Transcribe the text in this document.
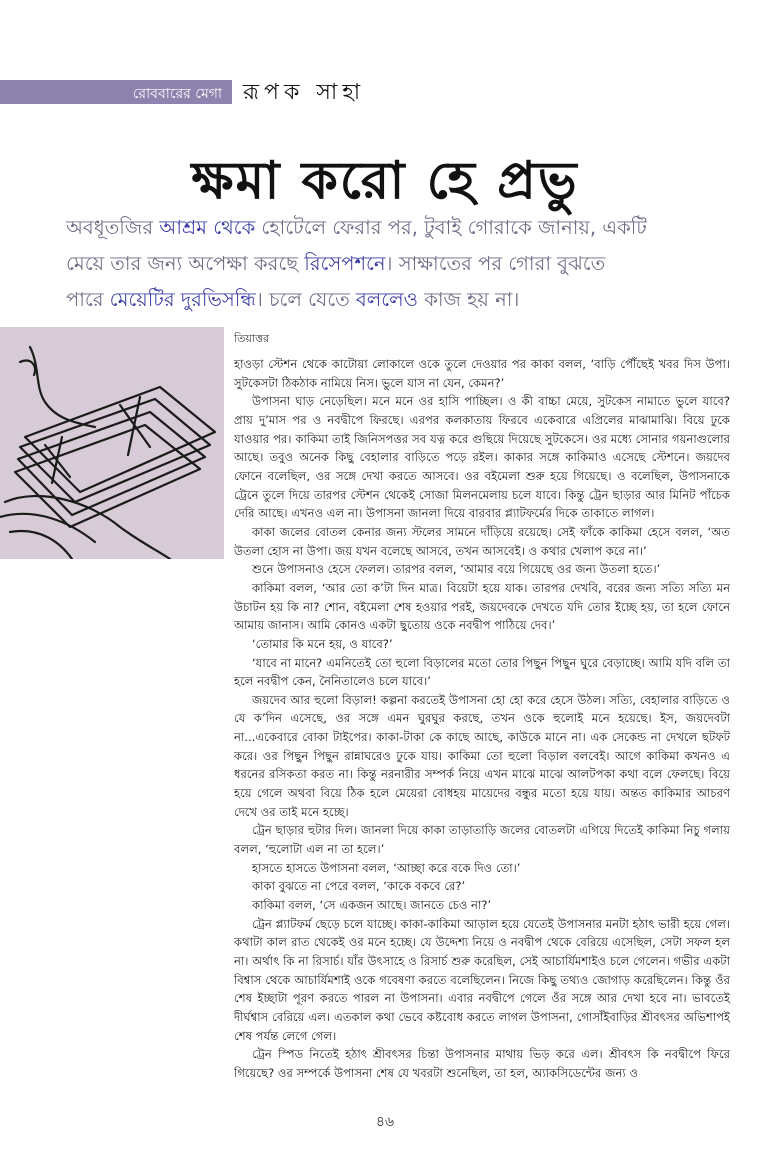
রোববারের মেগা রূপক সাহা
ক্ষমা করো হে প্রভু
অবধূতজির আশ্রম থেকে হোটেলে ফেরার পর, টুবাই গোরাকে জানায়, একটি
মেয়ে তার জন্য অপেক্ষা করছে রিসেপশনে। সাক্ষাতের পর গোরা বুঝতে
পারে মেয়েটির দুরভিসন্ধি। চলে যেতে বললেও কাজ হয় না।
তিয়াত্তর

হাওড়া স্টেশন থেকে কাটোয়া লোকালে ওকে তুলে দেওয়ার পর কাকা বলল, ‘বাড়ি পৌঁছেই খবর দিস উপা। সুটকেসটা ঠিকঠাক নামিয়ে নিস। ভুলে যাস না যেন, কেমন?’

উপাসনা ঘাড় নেড়েছিল। মনে মনে ওর হাসি পাচ্ছিল। ও কী বাচ্চা মেয়ে, সুটকেস নামাতে ভুলে যাবে? প্রায় দু’মাস পর ও নবদ্বীপে ফিরছে। এরপর কলকাতায় ফিরবে একেবারে এপ্রিলের মাঝামাঝি। বিয়ে ঢুকে যাওয়ার পর। কাকিমা তাই জিনিসপত্তর সব যত্ন করে গুছিয়ে দিয়েছে সুটকেসে। ওর মধ্যে সোনার গয়নাগুলোর আছে। তবুও অনেক কিছু বেহালার বাড়িতে পড়ে রইল। কাকার সঙ্গে কাকিমাও এসেছে স্টেশনে। জয়দেব ফোনে বলেছিল, ওর সঙ্গে দেখা করতে আসবে। ওর বইমেলা শুরু হয়ে গিয়েছে। ও বলেছিল, উপাসনাকে ট্রেনে তুলে দিয়ে তারপর স্টেশন থেকেই সোজা মিলনমেলায় চলে যাবে। কিন্তু ট্রেন ছাড়ার আর মিনিট পাঁচেক দেরি আছে। এখনও এল না। উপাসনা জানলা দিয়ে বারবার প্ল্যাটফর্মের দিকে তাকাতে লাগল।

কাকা জলের বোতল কেনার জন্য স্টলের সামনে দাঁড়িয়ে রয়েছে। সেই ফাঁকে কাকিমা হেসে বলল, ‘অত উতলা হোস না উপা। জয় যখন বলেছে আসবে, তখন আসবেই। ও কথার খেলাপ করে না।’

শুনে উপাসনাও হেসে ফেলল। তারপর বলল, ‘আমার বয়ে গিয়েছে ওর জন্য উতলা হতে।’

কাকিমা বলল, ‘আর তো ক’টা দিন মাত্র। বিয়েটা হয়ে যাক। তারপর দেখবি, বরের জন্য সত্যি সত্যি মন উচাটন হয় কি না? শোন, বইমেলা শেষ হওয়ার পরই, জয়দেবকে দেখতে যদি তোর ইচ্ছে হয়, তা হলে ফোনে আমায় জানাস। আমি কোনও একটা ছুতোয় ওকে নবদ্বীপ পাঠিয়ে দেব।’

‘তোমার কি মনে হয়, ও যাবে?’

‘যাবে না মানে? এমনিতেই তো হুলো বিড়ালের মতো তোর পিছুন পিছুন ঘুরে বেড়াচ্ছে। আমি যদি বলি তা হলে নবদ্বীপ কেন, নৈনিতালেও চলে যাবে।’

জয়দেব আর হুলো বিড়াল! কল্পনা করতেই উপাসনা হো হো করে হেসে উঠল। সত্যি, বেহালার বাড়িতে ও যে ক’দিন এসেছে, ওর সঙ্গে এমন ঘুরঘুর করছে, তখন ওকে হুলোই মনে হয়েছে। ইস, জয়দেবটা না...একেবারে বোকা টাইপের। কাকা-টাকা কে কাছে আছে, কাউকে মানে না। এক সেকেন্ড না দেখলে ছটফট করে। ওর পিছুন পিছুন রান্নাঘরেও ঢুকে যায়। কাকিমা তো হুলো বিড়াল বলবেই। আগে কাকিমা কখনও এ ধরনের রসিকতা করত না। কিন্তু নরনারীর সম্পর্ক নিয়ে এখন মাঝে মাঝে আলটপকা কথা বলে ফেলছে। বিয়ে হয়ে গেলে অথবা বিয়ে ঠিক হলে মেয়েরা বোধহয় মায়েদের বন্ধুর মতো হয়ে যায়। অন্তত কাকিমার আচরণ দেখে ওর তাই মনে হচ্ছে।

ট্রেন ছাড়ার হুটার দিল। জানলা দিয়ে কাকা তাড়াতাড়ি জলের বোতলটা এগিয়ে দিতেই কাকিমা নিচু গলায় বলল, ‘হুলোটা এল না তা হলে।’

হাসতে হাসতে উপাসনা বলল, ‘আচ্ছা করে বকে দিও তো।’

কাকা বুঝতে না পেরে বলল, ‘কাকে বকবে রে?’

কাকিমা বলল, ‘সে একজন আছে। জানতে চেও না?’

ট্রেন প্ল্যাটফর্ম ছেড়ে চলে যাচ্ছে। কাকা-কাকিমা আড়াল হয়ে যেতেই উপাসনার মনটা হঠাৎ ভারী হয়ে গেল। কথাটা কাল রাত থেকেই ওর মনে হচ্ছে। যে উদ্দেশ্য নিয়ে ও নবদ্বীপ থেকে বেরিয়ে এসেছিল, সেটা সফল হল না। অর্থাৎ কি না রিসার্চ। যাঁর উৎসাহে ও রিসার্চ শুরু করেছিল, সেই আচার্যিমশাইও চলে গেলেন। গভীর একটা বিশ্বাস থেকে আচার্যিমশাই ওকে গবেষণা করতে বলেছিলেন। নিজে কিছু তথ্যও জোগাড় করেছিলেন। কিন্তু ওঁর শেষ ইচ্ছাটা পূরণ করতে পারল না উপাসনা। এবার নবদ্বীপে গেলে ওঁর সঙ্গে আর দেখা হবে না। ভাবতেই দীর্ঘশ্বাস বেরিয়ে এল। এতকাল কথা ভেবে কষ্টবোধ করতে লাগল উপাসনা, গোসাঁইবাড়ির শ্রীবৎসর অভিশাপই শেষ পর্যন্ত লেগে গেল।

ট্রেন স্পিড নিতেই হঠাৎ শ্রীবৎসর চিন্তা উপাসনার মাথায় ভিড় করে এল। শ্রীবৎস কি নবদ্বীপে ফিরে গিয়েছে? ওর সম্পর্কে উপাসনা শেষ যে খবরটা শুনেছিল, তা হল, অ্যাকসিডেন্টের জন্য ও

৪৬
